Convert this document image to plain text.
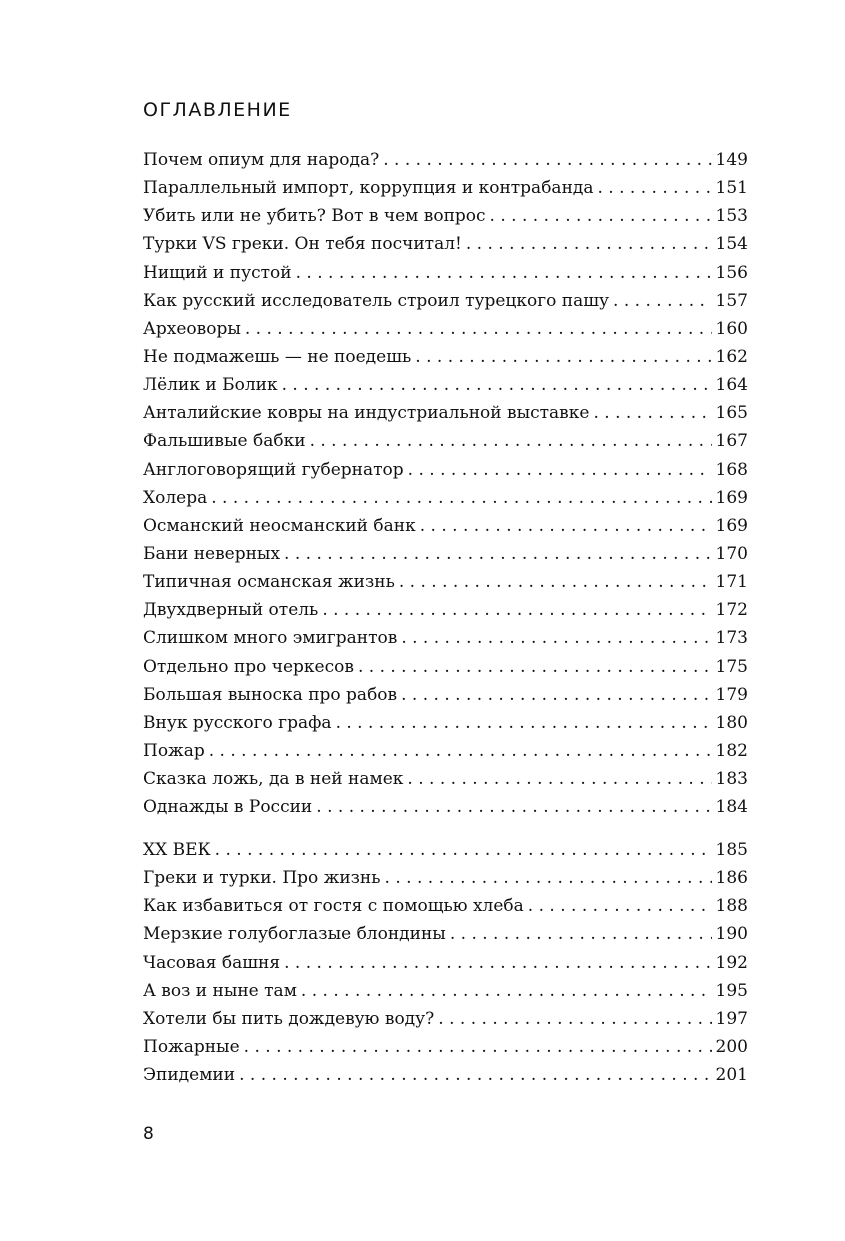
ОГЛАВЛЕНИЕ
Почем опиум для народа? . . .	149
Параллельный импорт, коррупция и контрабанда . . .	151
Убить или не убить? Вот в чем вопрос . . .	153
Турки VS греки. Он тебя посчитал! . . .	154
Нищий и пустой . . .	156
Как русский исследователь строил турецкого пашу . . .	157
Археоворы . . .	160
Не подмажешь — не поедешь . . .	162
Лёлик и Болик . . .	164
Анталийские ковры на индустриальной выставке . . .	165
Фальшивые бабки . . .	167
Англоговорящий губернатор . . .	168
Холера . . .	169
Османский неосманский банк . . .	169
Бани неверных . . .	170
Типичная османская жизнь . . .	171
Двухдверный отель . . .	172
Слишком много эмигрантов . . .	173
Отдельно про черкесов . . .	175
Большая выноска про рабов . . .	179
Внук русского графа . . .	180
Пожар . . .	182
Сказка ложь, да в ней намек . . .	183
Однажды в России . . .	184
XX ВЕК . . .	185
Греки и турки. Про жизнь . . .	186
Как избавиться от гостя с помощью хлеба . . .	188
Мерзкие голубоглазые блондины . . .	190
Часовая башня . . .	192
А воз и ныне там . . .	195
Хотели бы пить дождевую воду? . . .	197
Пожарные . . .	200
Эпидемии . . .	201
8
